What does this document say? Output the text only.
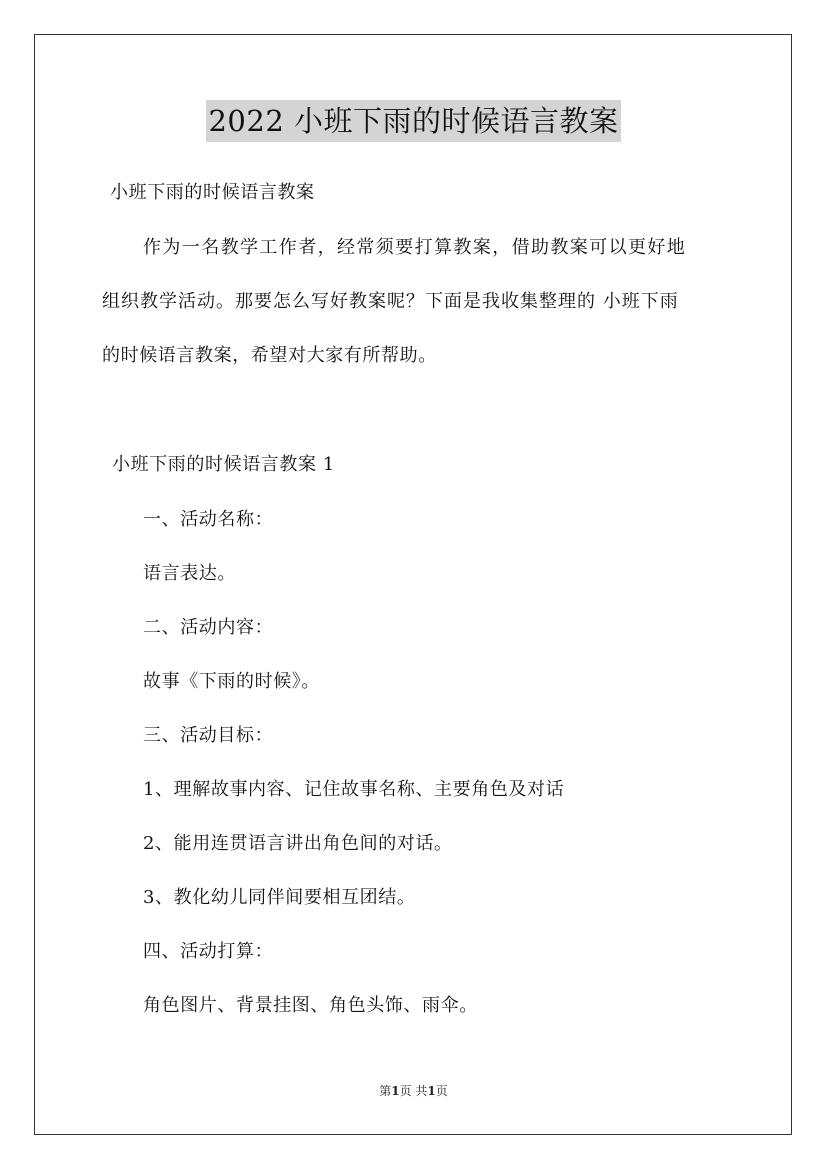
2022 小班下雨的时候语言教案
小班下雨的时候语言教案
作为一名教学工作者，经常须要打算教案，借助教案可以更好地
组织教学活动。那要怎么写好教案呢？下面是我收集整理的 小班下雨
的时候语言教案，希望对大家有所帮助。
小班下雨的时候语言教案 1
一、活动名称：
语言表达。
二、活动内容：
故事《下雨的时候》。
三、活动目标：
1、理解故事内容、记住故事名称、主要角色及对话
2、能用连贯语言讲出角色间的对话。
3、教化幼儿同伴间要相互团结。
四、活动打算：
角色图片、背景挂图、角色头饰、雨伞。
第1页 共1页
